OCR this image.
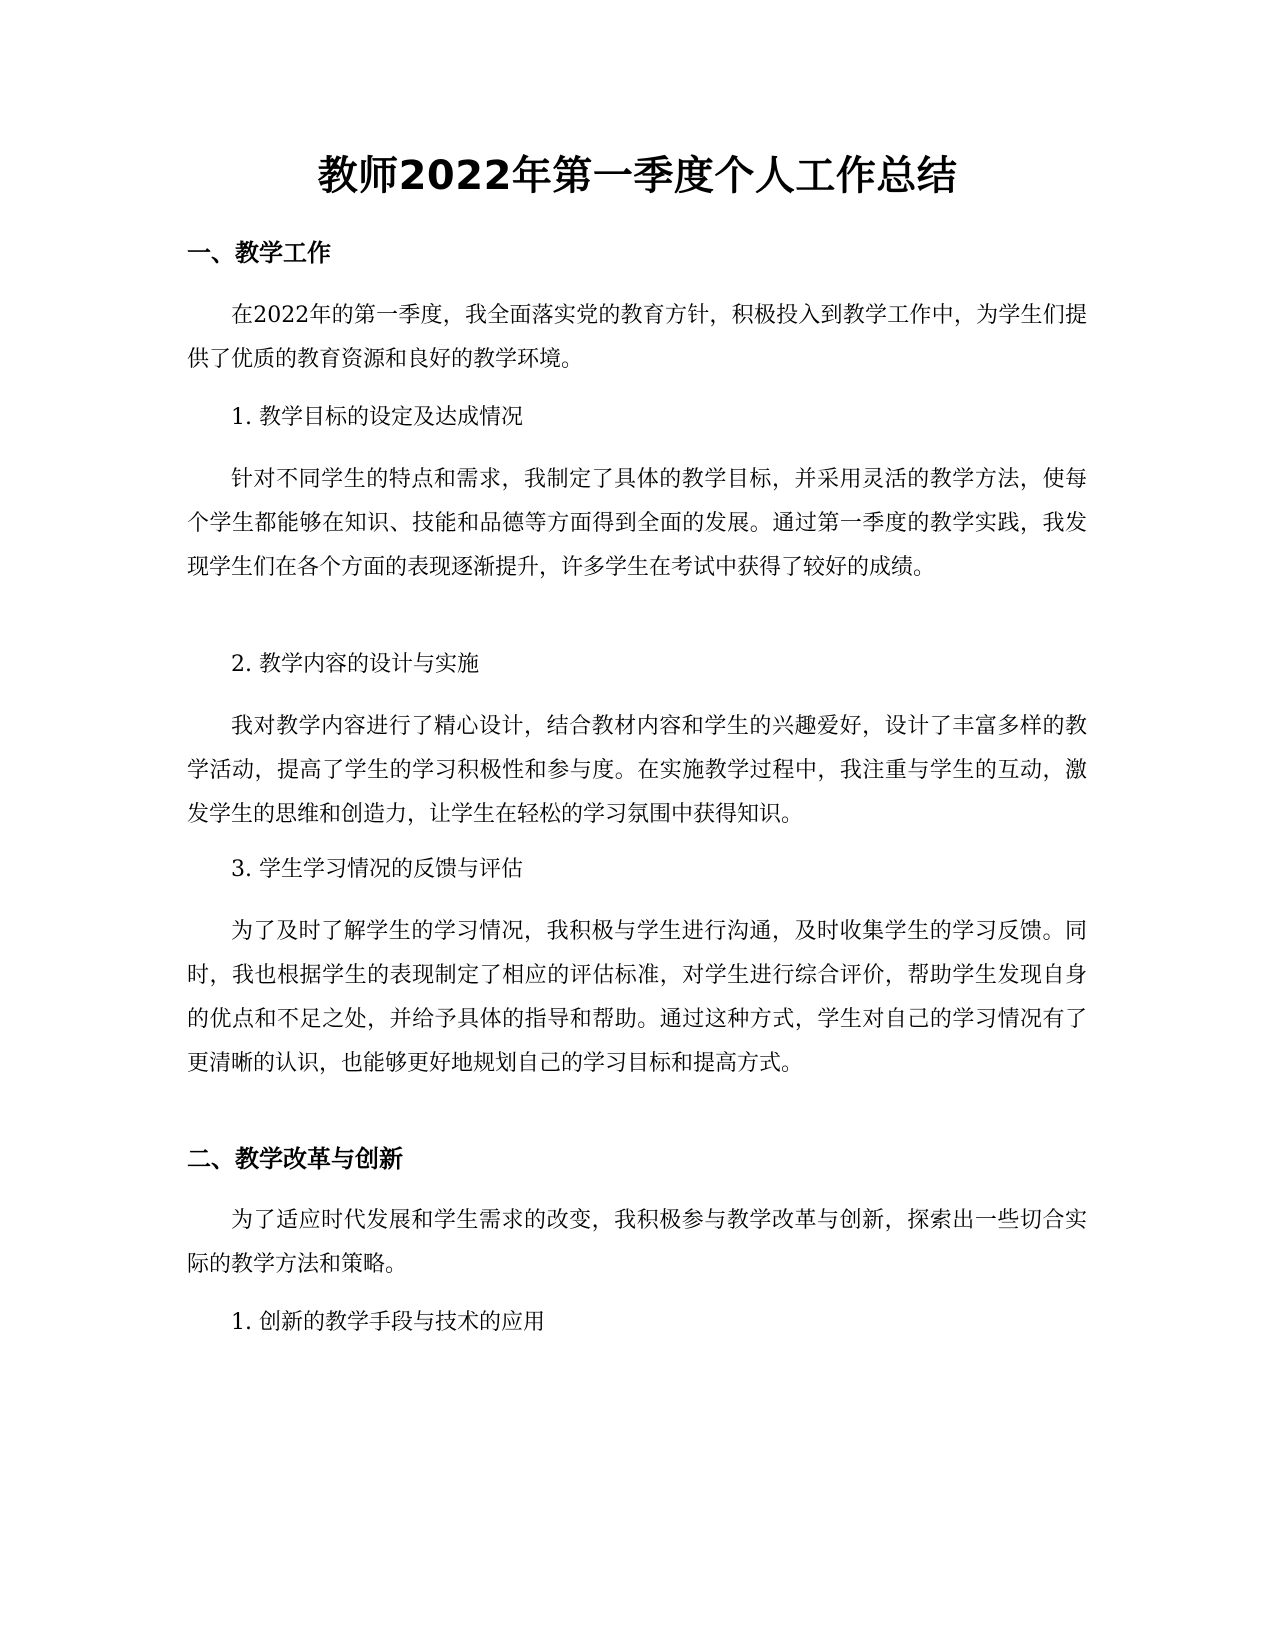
教师2022年第一季度个人工作总结
一、教学工作

在2022年的第一季度，我全面落实党的教育方针，积极投入到教学工作中，为学生们提供了优质的教育资源和良好的教学环境。

1. 教学目标的设定及达成情况

针对不同学生的特点和需求，我制定了具体的教学目标，并采用灵活的教学方法，使每个学生都能够在知识、技能和品德等方面得到全面的发展。通过第一季度的教学实践，我发现学生们在各个方面的表现逐渐提升，许多学生在考试中获得了较好的成绩。

2. 教学内容的设计与实施

我对教学内容进行了精心设计，结合教材内容和学生的兴趣爱好，设计了丰富多样的教学活动，提高了学生的学习积极性和参与度。在实施教学过程中，我注重与学生的互动，激发学生的思维和创造力，让学生在轻松的学习氛围中获得知识。

3. 学生学习情况的反馈与评估

为了及时了解学生的学习情况，我积极与学生进行沟通，及时收集学生的学习反馈。同时，我也根据学生的表现制定了相应的评估标准，对学生进行综合评价，帮助学生发现自身的优点和不足之处，并给予具体的指导和帮助。通过这种方式，学生对自己的学习情况有了更清晰的认识，也能够更好地规划自己的学习目标和提高方式。

二、教学改革与创新

为了适应时代发展和学生需求的改变，我积极参与教学改革与创新，探索出一些切合实际的教学方法和策略。

1. 创新的教学手段与技术的应用
